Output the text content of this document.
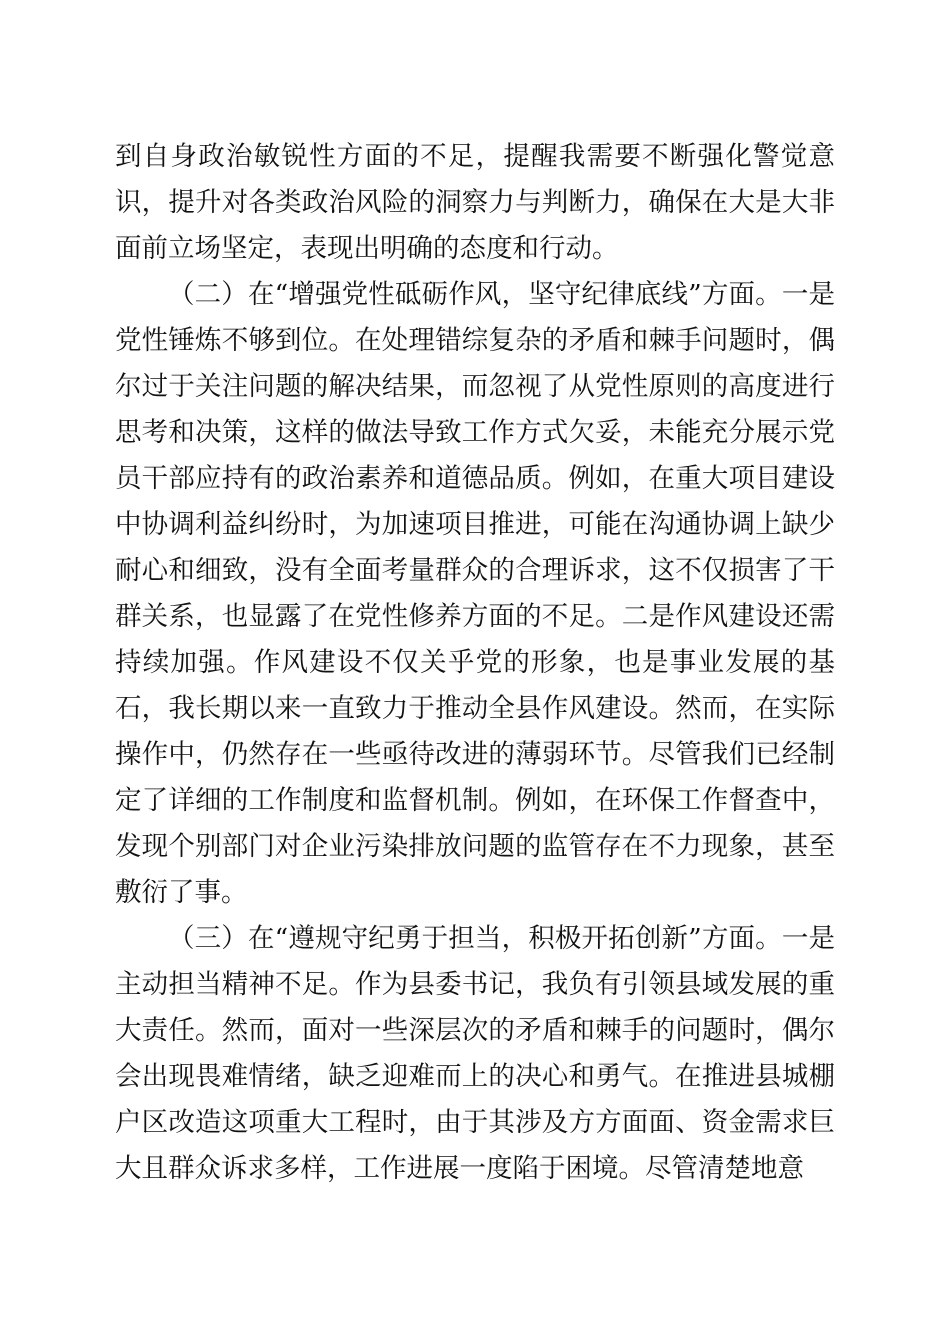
到自身政治敏锐性方面的不足，提醒我需要不断强化警觉意识，提升对各类政治风险的洞察力与判断力，确保在大是大非面前立场坚定，表现出明确的态度和行动。

（二）在“增强党性砥砺作风，坚守纪律底线”方面。一是党性锤炼不够到位。在处理错综复杂的矛盾和棘手问题时，偶尔过于关注问题的解决结果，而忽视了从党性原则的高度进行思考和决策，这样的做法导致工作方式欠妥，未能充分展示党员干部应持有的政治素养和道德品质。例如，在重大项目建设中协调利益纠纷时，为加速项目推进，可能在沟通协调上缺少耐心和细致，没有全面考量群众的合理诉求，这不仅损害了干群关系，也显露了在党性修养方面的不足。二是作风建设还需持续加强。作风建设不仅关乎党的形象，也是事业发展的基石，我长期以来一直致力于推动全县作风建设。然而，在实际操作中，仍然存在一些亟待改进的薄弱环节。尽管我们已经制定了详细的工作制度和监督机制。例如，在环保工作督查中，发现个别部门对企业污染排放问题的监管存在不力现象，甚至敷衍了事。

（三）在“遵规守纪勇于担当，积极开拓创新”方面。一是主动担当精神不足。作为县委书记，我负有引领县域发展的重大责任。然而，面对一些深层次的矛盾和棘手的问题时，偶尔会出现畏难情绪，缺乏迎难而上的决心和勇气。在推进县城棚户区改造这项重大工程时，由于其涉及方方面面、资金需求巨大且群众诉求多样，工作进展一度陷于困境。尽管清楚地意
